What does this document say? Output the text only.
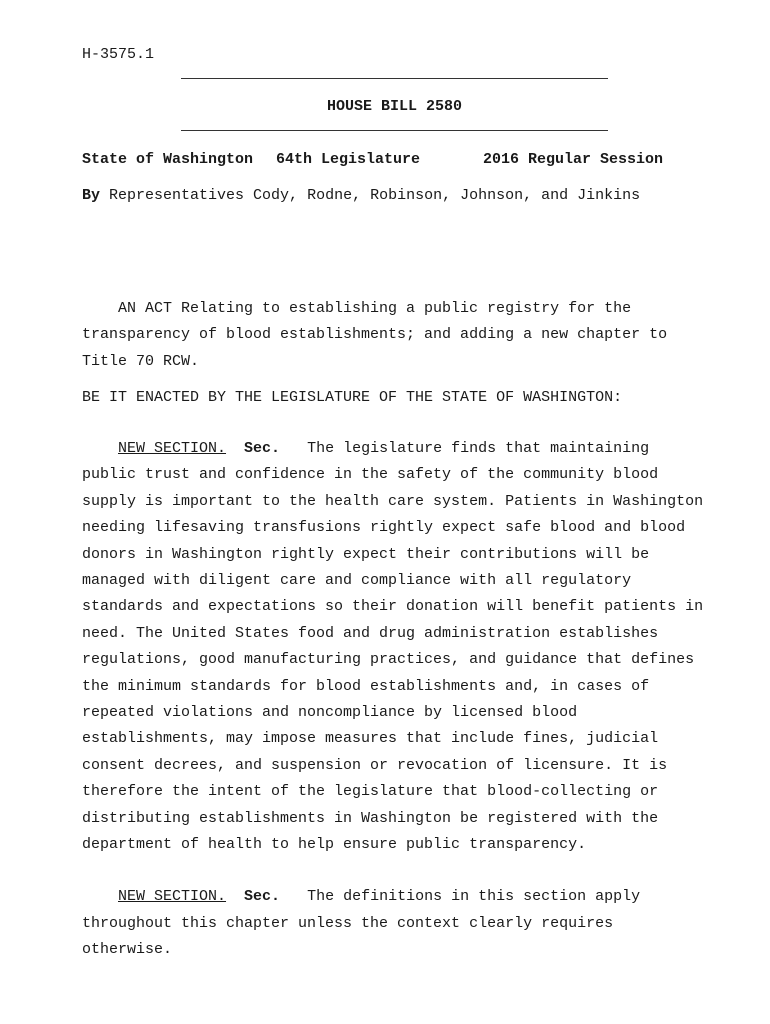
H-3575.1
HOUSE BILL 2580

State of Washington

64th Legislature

	2016 Regular Session

By Representatives Cody, Rodne, Robinson, Johnson, and Jinkins
AN ACT Relating to establishing a public registry for the
transparency of blood establishments; and adding a new chapter to
Title 70 RCW.
BE IT ENACTED BY THE LEGISLATURE OF THE STATE OF WASHINGTON:
NEW SECTION. Sec. The legislature finds that maintaining
public trust and confidence in the safety of the community blood
supply is important to the health care system. Patients in Washington
needing lifesaving transfusions rightly expect safe blood and blood
donors in Washington rightly expect their contributions will be
managed with diligent care and compliance with all regulatory
standards and expectations so their donation will benefit patients in
need. The United States food and drug administration establishes
regulations, good manufacturing practices, and guidance that defines
the minimum standards for blood establishments and, in cases of
repeated violations and noncompliance by licensed blood
establishments, may impose measures that include fines, judicial
consent decrees, and suspension or revocation of licensure. It is
therefore the intent of the legislature that blood-collecting or
distributing establishments in Washington be registered with the
department of health to help ensure public transparency.
NEW SECTION. Sec. The definitions in this section apply
throughout this chapter unless the context clearly requires
otherwise.
